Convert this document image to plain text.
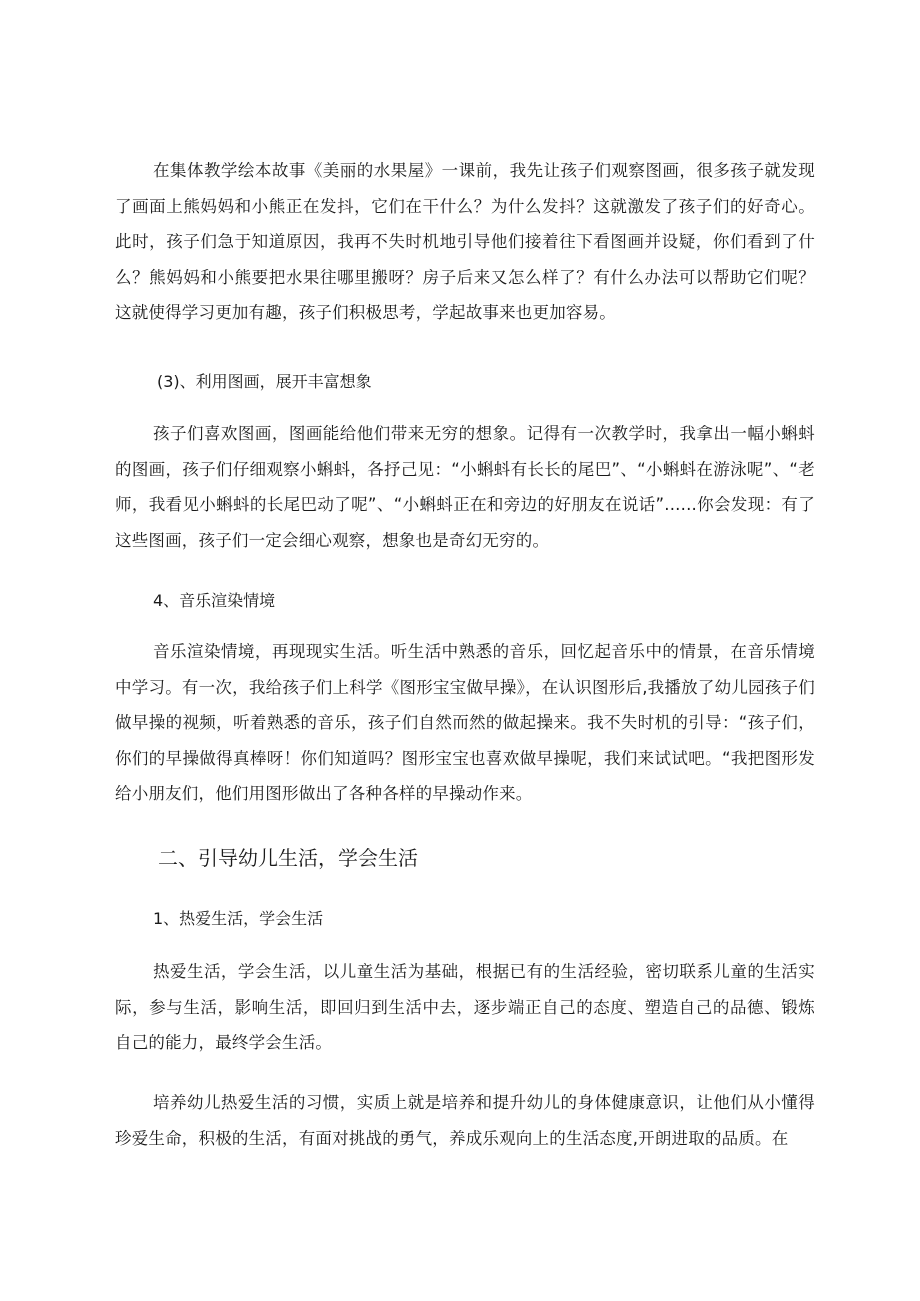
在集体教学绘本故事《美丽的水果屋》一课前，我先让孩子们观察图画，很多孩子就发现了画面上熊妈妈和小熊正在发抖，它们在干什么？为什么发抖？这就激发了孩子们的好奇心。此时，孩子们急于知道原因，我再不失时机地引导他们接着往下看图画并设疑，你们看到了什么？熊妈妈和小熊要把水果往哪里搬呀？房子后来又怎么样了？有什么办法可以帮助它们呢？这就使得学习更加有趣，孩子们积极思考，学起故事来也更加容易。

(3)、利用图画，展开丰富想象

孩子们喜欢图画，图画能给他们带来无穷的想象。记得有一次教学时，我拿出一幅小蝌蚪的图画，孩子们仔细观察小蝌蚪，各抒己见：“小蝌蚪有长长的尾巴”、“小蝌蚪在游泳呢”、“老师，我看见小蝌蚪的长尾巴动了呢”、“小蝌蚪正在和旁边的好朋友在说话”......你会发现：有了这些图画，孩子们一定会细心观察，想象也是奇幻无穷的。

4、音乐渲染情境

音乐渲染情境，再现现实生活。听生活中熟悉的音乐，回忆起音乐中的情景，在音乐情境中学习。有一次，我给孩子们上科学《图形宝宝做早操》，在认识图形后,我播放了幼儿园孩子们做早操的视频，听着熟悉的音乐，孩子们自然而然的做起操来。我不失时机的引导：“孩子们，你们的早操做得真棒呀！你们知道吗？图形宝宝也喜欢做早操呢，我们来试试吧。“我把图形发给小朋友们，他们用图形做出了各种各样的早操动作来。

二、引导幼儿生活，学会生活

1、热爱生活，学会生活

热爱生活，学会生活，以儿童生活为基础，根据已有的生活经验，密切联系儿童的生活实际，参与生活，影响生活，即回归到生活中去，逐步端正自己的态度、塑造自己的品德、锻炼自己的能力，最终学会生活。

培养幼儿热爱生活的习惯，实质上就是培养和提升幼儿的身体健康意识，让他们从小懂得珍爱生命，积极的生活，有面对挑战的勇气，养成乐观向上的生活态度,开朗进取的品质。在
